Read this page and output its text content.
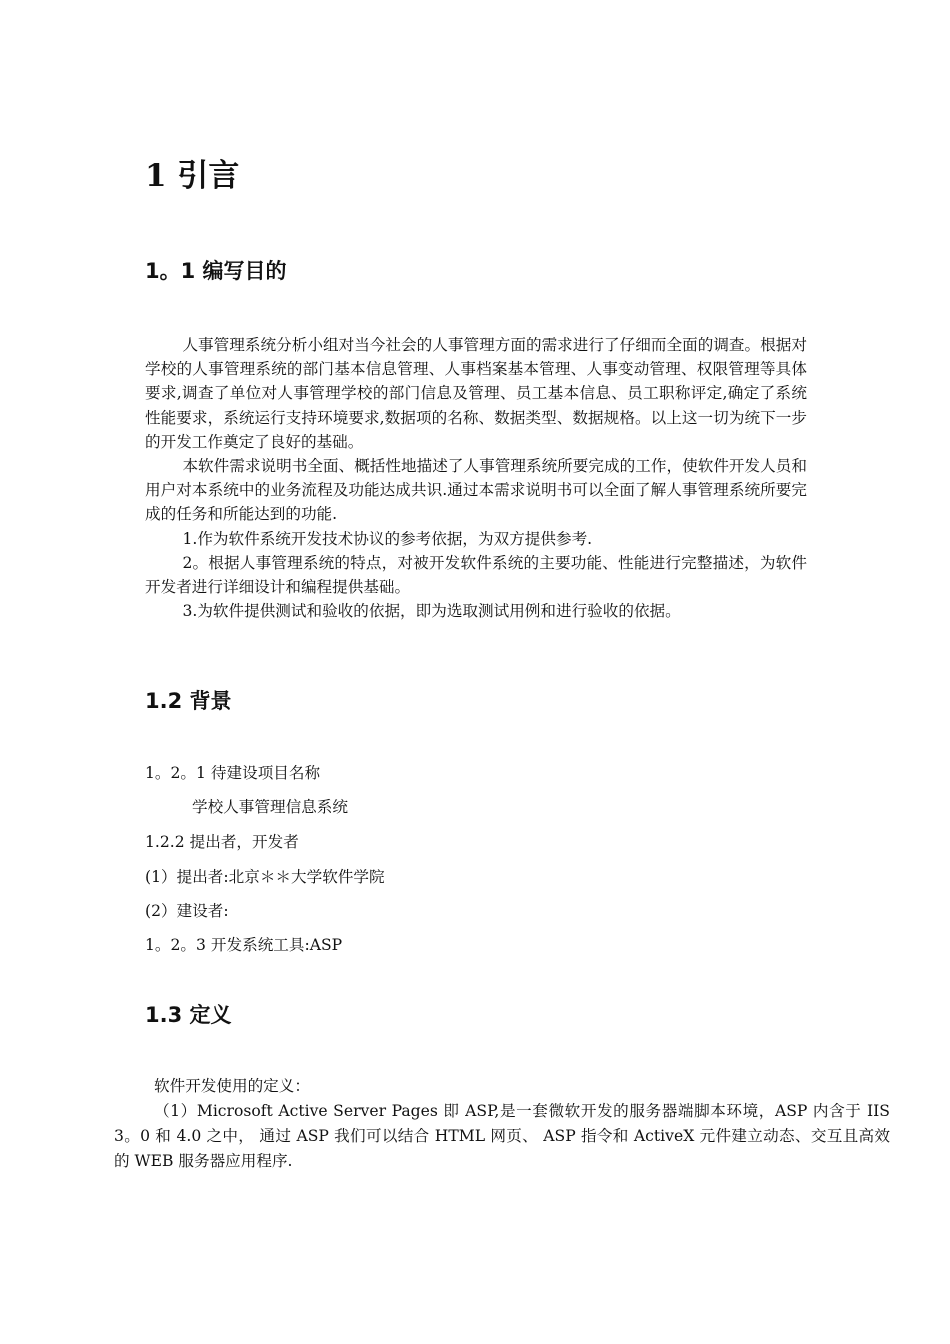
1 引言
1。1 编写目的

人事管理系统分析小组对当今社会的人事管理方面的需求进行了仔细而全面的调查。根据对学校的人事管理系统的部门基本信息管理、人事档案基本管理、人事变动管理、权限管理等具体要求,调查了单位对人事管理学校的部门信息及管理、员工基本信息、员工职称评定,确定了系统性能要求，系统运行支持环境要求,数据项的名称、数据类型、数据规格。以上这一切为统下一步的开发工作奠定了良好的基础。

本软件需求说明书全面、概括性地描述了人事管理系统所要完成的工作，使软件开发人员和用户对本系统中的业务流程及功能达成共识.通过本需求说明书可以全面了解人事管理系统所要完成的任务和所能达到的功能.

1.作为软件系统开发技术协议的参考依据，为双方提供参考.

2。根据人事管理系统的特点，对被开发软件系统的主要功能、性能进行完整描述，为软件开发者进行详细设计和编程提供基础。

3.为软件提供测试和验收的依据，即为选取测试用例和进行验收的依据。

1.2 背景
1。2。1 待建设项目名称
学校人事管理信息系统
1.2.2 提出者，开发者
(1）提出者:北京＊＊大学软件学院
(2）建设者:
1。2。3 开发系统工具:ASP
1.3 定义

软件开发使用的定义：

（1）Microsoft Active Server Pages 即 ASP,是一套微软开发的服务器端脚本环境，ASP 内含于 IIS 3。0 和 4.0 之中， 通过 ASP 我们可以结合 HTML 网页、 ASP 指令和 ActiveX 元件建立动态、交互且高效的 WEB 服务器应用程序.
